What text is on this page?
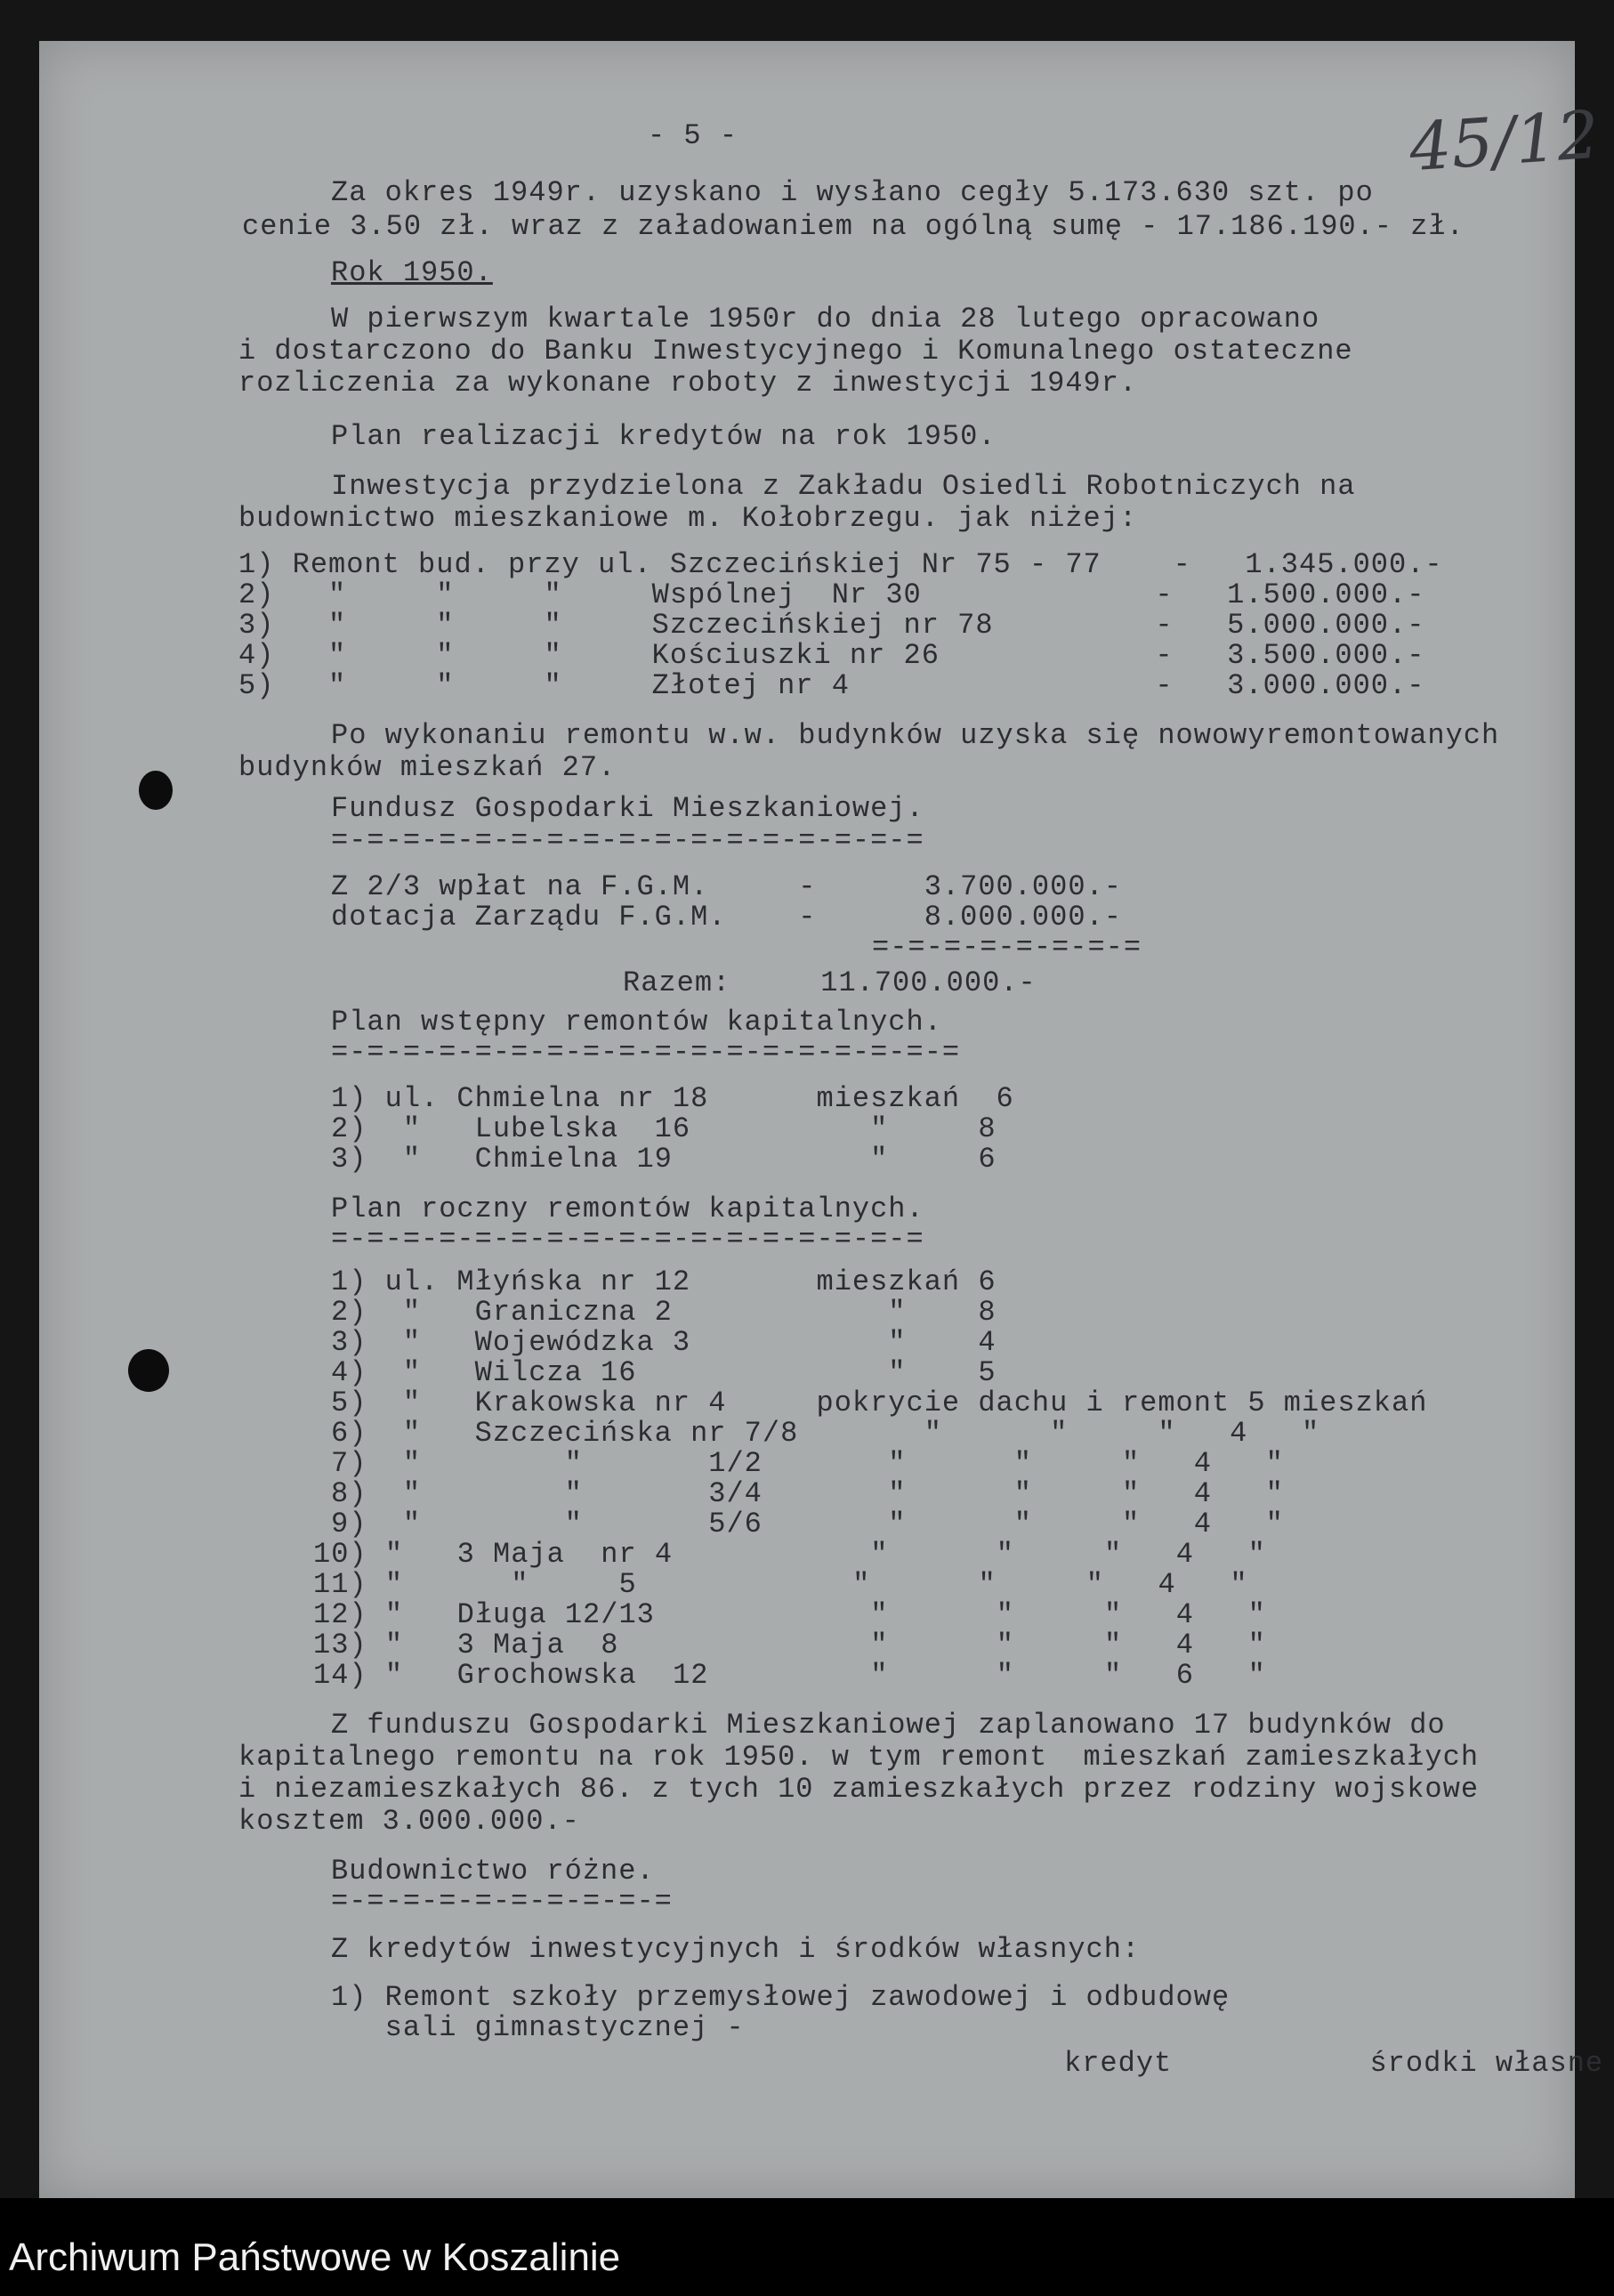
45/12
- 5 -
Za okres 1949r. uzyskano i wysłano cegły 5.173.630 szt. po
cenie 3.50 zł. wraz z załadowaniem na ogólną sumę - 17.186.190.- zł.
Rok 1950.
W pierwszym kwartale 1950r do dnia 28 lutego opracowano
i dostarczono do Banku Inwestycyjnego i Komunalnego ostateczne
rozliczenia za wykonane roboty z inwestycji 1949r.
Plan realizacji kredytów na rok 1950.
Inwestycja przydzielona z Zakładu Osiedli Robotniczych na
budownictwo mieszkaniowe m. Kołobrzegu. jak niżej:
1) Remont bud. przy ul. Szczecińskiej Nr 75 - 77    -   1.345.000.-
2)   "     "     "     Wspólnej  Nr 30             -   1.500.000.-
3)   "     "     "     Szczecińskiej nr 78         -   5.000.000.-
4)   "     "     "     Kościuszki nr 26            -   3.500.000.-
5)   "     "     "     Złotej nr 4                 -   3.000.000.-
Po wykonaniu remontu w.w. budynków uzyska się nowowyremontowanych
budynków mieszkań 27.
Fundusz Gospodarki Mieszkaniowej.
=-=-=-=-=-=-=-=-=-=-=-=-=-=-=-=-=
Z 2/3 wpłat na F.G.M.     -      3.700.000.-
dotacja Zarządu F.G.M.    -      8.000.000.-
=-=-=-=-=-=-=-=
Razem:     11.700.000.-
Plan wstępny remontów kapitalnych.
=-=-=-=-=-=-=-=-=-=-=-=-=-=-=-=-=-=
1) ul. Chmielna nr 18      mieszkań  6
2)  "   Lubelska  16          "     8
3)  "   Chmielna 19           "     6
Plan roczny remontów kapitalnych.
=-=-=-=-=-=-=-=-=-=-=-=-=-=-=-=-=
1) ul. Młyńska nr 12       mieszkań 6
2)  "   Graniczna 2            "    8
3)  "   Wojewódzka 3           "    4
4)  "   Wilcza 16              "    5
5)  "   Krakowska nr 4     pokrycie dachu i remont 5 mieszkań
6)  "   Szczecińska nr 7/8       "      "     "   4   "
7)  "        "       1/2       "      "     "   4   "
8)  "        "       3/4       "      "     "   4   "
9)  "        "       5/6       "      "     "   4   "
10) "   3 Maja  nr 4           "      "     "   4   "
11) "      "     5            "      "     "   4   "
12) "   Długa 12/13            "      "     "   4   "
13) "   3 Maja  8              "      "     "   4   "
14) "   Grochowska  12         "      "     "   6   "
Z funduszu Gospodarki Mieszkaniowej zaplanowano 17 budynków do
kapitalnego remontu na rok 1950. w tym remont  mieszkań zamieszkałych
i niezamieszkałych 86. z tych 10 zamieszkałych przez rodziny wojskowe
kosztem 3.000.000.-
Budownictwo różne.
=-=-=-=-=-=-=-=-=-=
Z kredytów inwestycyjnych i środków własnych:
1) Remont szkoły przemysłowej zawodowej i odbudowę
sali gimnastycznej -
kredyt           środki własne
Archiwum Państwowe w Koszalinie
